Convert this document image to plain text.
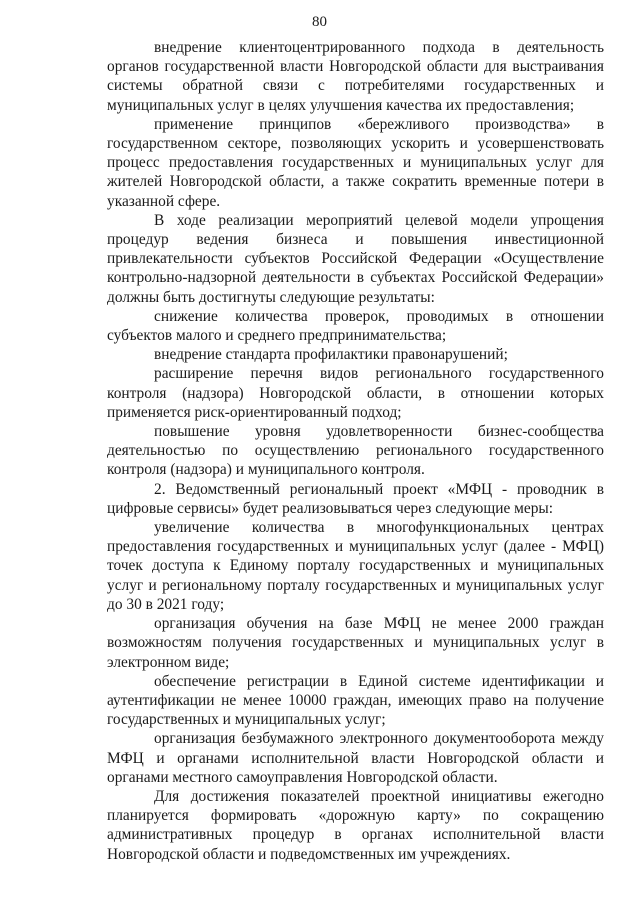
80

внедрение клиентоцентрированного подхода в деятельность органов государственной власти Новгородской области для выстраивания системы обратной связи с потребителями государственных и муниципальных услуг в целях улучшения качества их предоставления;

применение принципов «бережливого производства» в государственном секторе, позволяющих ускорить и усовершенствовать процесс предоставления государственных и муниципальных услуг для жителей Новгородской области, а также сократить временные потери в указанной сфере.

В ходе реализации мероприятий целевой модели упрощения процедур ведения бизнеса и повышения инвестиционной привлекательности субъектов Российской Федерации «Осуществление контрольно-надзорной деятельности в субъектах Российской Федерации» должны быть достигнуты следующие результаты:

снижение количества проверок, проводимых в отношении субъектов малого и среднего предпринимательства;

внедрение стандарта профилактики правонарушений;

расширение перечня видов регионального государственного контроля (надзора) Новгородской области, в отношении которых применяется риск-ориентированный подход;

повышение уровня удовлетворенности бизнес-сообщества деятельностью по осуществлению регионального государственного контроля (надзора) и муниципального контроля.

2. Ведомственный региональный проект «МФЦ - проводник в цифровые сервисы» будет реализовываться через следующие меры:

увеличение количества в многофункциональных центрах предоставления государственных и муниципальных услуг (далее - МФЦ) точек доступа к Единому порталу государственных и муниципальных услуг и региональному порталу государственных и муниципальных услуг до 30 в 2021 году;

организация обучения на базе МФЦ не менее 2000 граждан возможностям получения государственных и муниципальных услуг в электронном виде;

обеспечение регистрации в Единой системе идентификации и аутентификации не менее 10000 граждан, имеющих право на получение государственных и муниципальных услуг;

организация безбумажного электронного документооборота между МФЦ и органами исполнительной власти Новгородской области и органами местного самоуправления Новгородской области.

Для достижения показателей проектной инициативы ежегодно планируется формировать «дорожную карту» по сокращению административных процедур в органах исполнительной власти Новгородской области и подведомственных им учреждениях.
